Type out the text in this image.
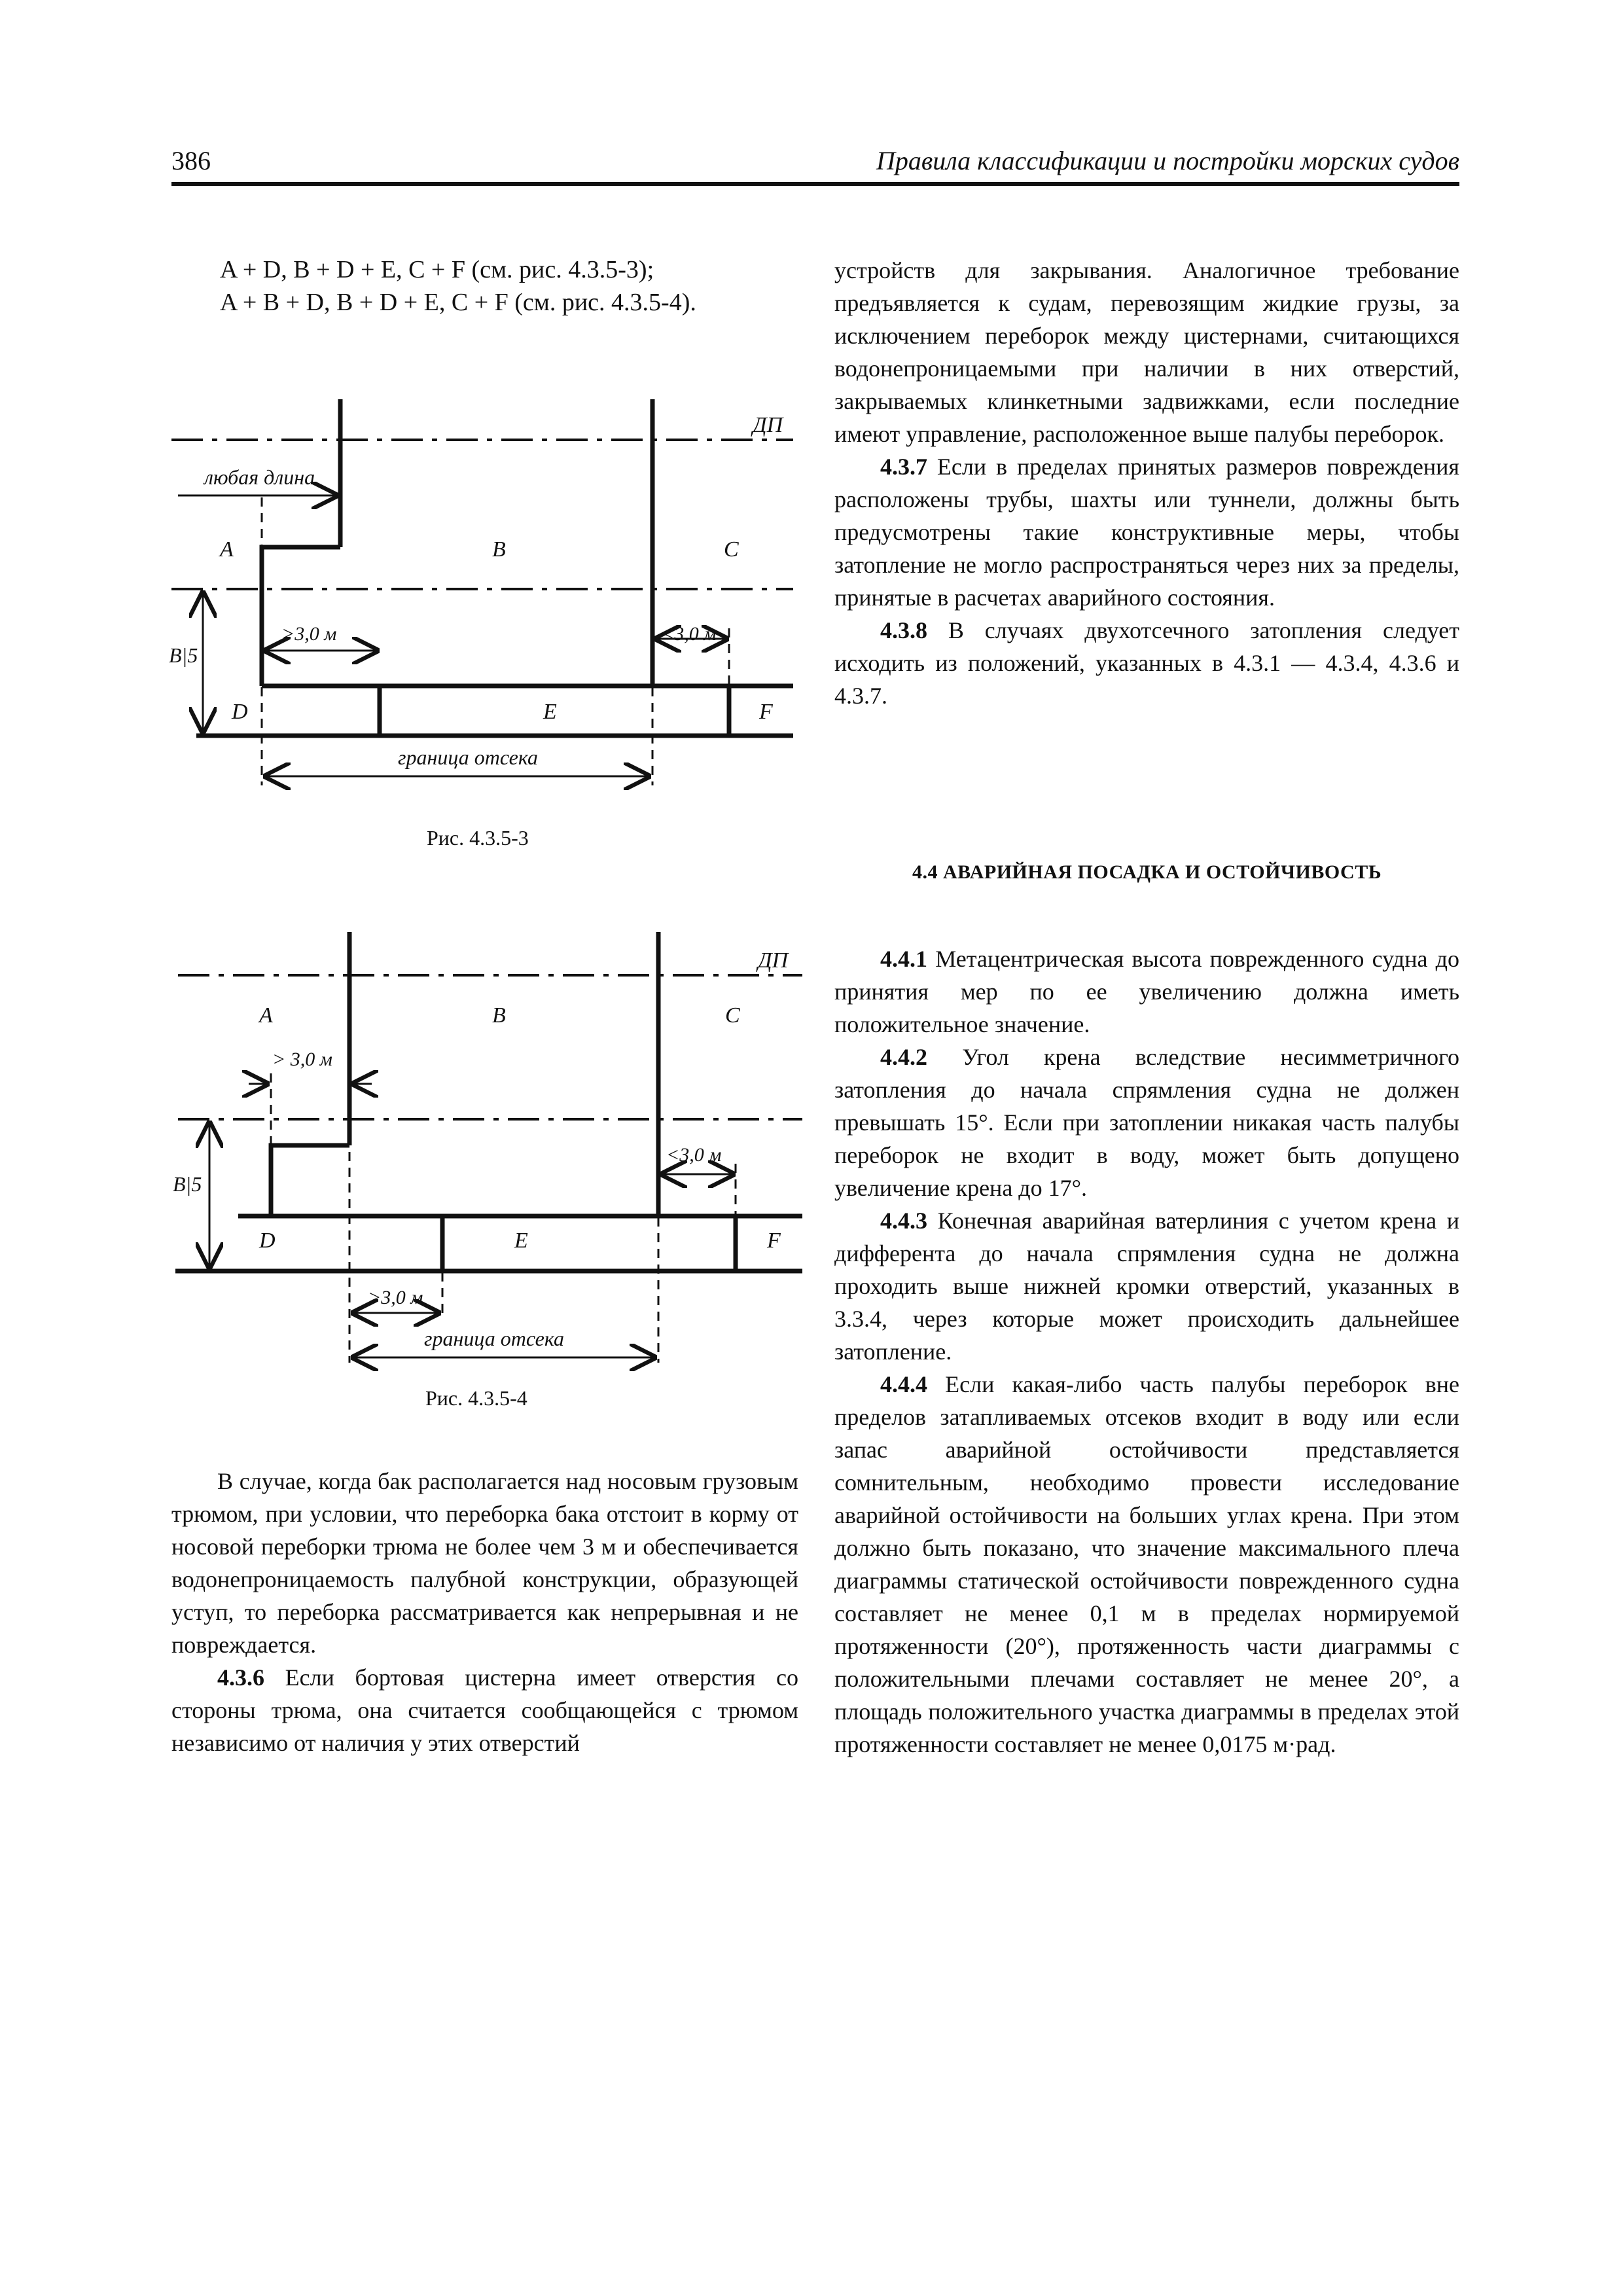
386	Правила классификации и постройки морских судов
A + D, B + D + E, C + F (см. рис. 4.3.5-3);
A + B + D, B + D + E, C + F (см. рис. 4.3.5-4).
ДП
любая длина
A	B	C
B|5
>3,0 м	<3,0 м
D	E	F
граница отсека
Рис. 4.3.5-3
ДП
A	B	C
> 3,0 м
B|5
<3,0 м
D	E	F
>3,0 м
граница отсека
Рис. 4.3.5-4

В случае, когда бак располагается над носовым грузовым трюмом, при условии, что переборка бака отстоит в корму от носовой переборки трюма не более чем 3 м и обеспечивается водонепроницаемость палубной конструкции, образующей уступ, то переборка рассматривается как непрерывная и не повреждается.

4.3.6 Если бортовая цистерна имеет отверстия со стороны трюма, она считается сообщающейся с трюмом независимо от наличия у этих отверстий

устройств для закрывания. Аналогичное требование предъявляется к судам, перевозящим жидкие грузы, за исключением переборок между цистернами, считающихся водонепроницаемыми при наличии в них отверстий, закрываемых клинкетными задвижками, если последние имеют управление, расположенное выше палубы переборок.

4.3.7 Если в пределах принятых размеров повреждения расположены трубы, шахты или туннели, должны быть предусмотрены такие конструктивные меры, чтобы затопление не могло распространяться через них за пределы, принятые в расчетах аварийного состояния.

4.3.8 В случаях двухотсечного затопления следует исходить из положений, указанных в 4.3.1 — 4.3.4, 4.3.6 и 4.3.7.

4.4 АВАРИЙНАЯ ПОСАДКА И ОСТОЙЧИВОСТЬ

4.4.1 Метацентрическая высота поврежденного судна до принятия мер по ее увеличению должна иметь положительное значение.

4.4.2 Угол крена вследствие несимметричного затопления до начала спрямления судна не должен превышать 15°. Если при затоплении никакая часть палубы переборок не входит в воду, может быть допущено увеличение крена до 17°.

4.4.3 Конечная аварийная ватерлиния с учетом крена и дифферента до начала спрямления судна не должна проходить выше нижней кромки отверстий, указанных в 3.3.4, через которые может происходить дальнейшее затопление.

4.4.4 Если какая-либо часть палубы переборок вне пределов затапливаемых отсеков входит в воду или если запас аварийной остойчивости представляется сомнительным, необходимо провести исследование аварийной остойчивости на больших углах крена. При этом должно быть показано, что значение максимального плеча диаграммы статической остойчивости поврежденного судна составляет не менее 0,1 м в пределах нормируемой протяженности (20°), протяженность части диаграммы с положительными плечами составляет не менее 20°, а площадь положительного участка диаграммы в пределах этой протяженности составляет не менее 0,0175 м·рад.
